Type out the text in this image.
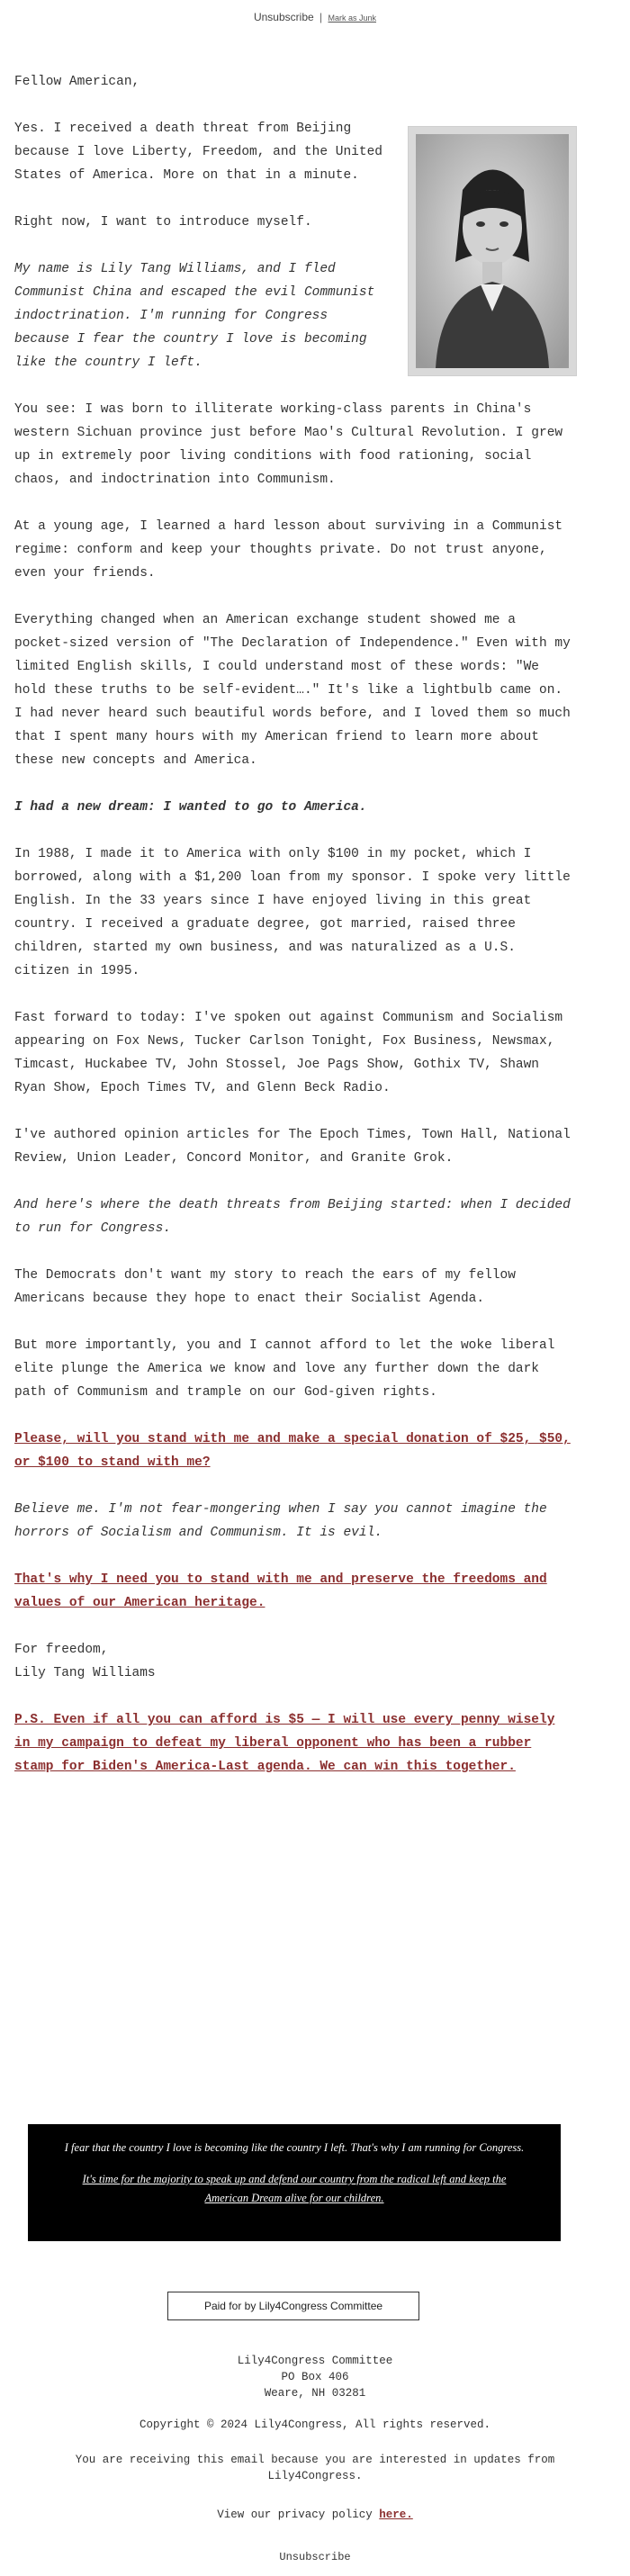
Unsubscribe | Mark as Junk

Fellow American,

Yes. I received a death threat from Beijing because I love Liberty, Freedom, and the United States of America. More on that in a minute.

Right now, I want to introduce myself.

My name is Lily Tang Williams, and I fled Communist China and escaped the evil Communist indoctrination. I'm running for Congress because I fear the country I love is becoming like the country I left.

You see: I was born to illiterate working-class parents in China's western Sichuan province just before Mao's Cultural Revolution. I grew up in extremely poor living conditions with food rationing, social chaos, and indoctrination into Communism.

At a young age, I learned a hard lesson about surviving in a Communist regime: conform and keep your thoughts private. Do not trust anyone, even your friends.

Everything changed when an American exchange student showed me a pocket-sized version of "The Declaration of Independence." Even with my limited English skills, I could understand most of these words: "We hold these truths to be self-evident…." It's like a lightbulb came on. I had never heard such beautiful words before, and I loved them so much that I spent many hours with my American friend to learn more about these new concepts and America.

I had a new dream: I wanted to go to America.

In 1988, I made it to America with only $100 in my pocket, which I borrowed, along with a $1,200 loan from my sponsor. I spoke very little English. In the 33 years since I have enjoyed living in this great country. I received a graduate degree, got married, raised three children, started my own business, and was naturalized as a U.S. citizen in 1995.

Fast forward to today: I've spoken out against Communism and Socialism appearing on Fox News, Tucker Carlson Tonight, Fox Business, Newsmax, Timcast, Huckabee TV, John Stossel, Joe Pags Show, Gothix TV, Shawn Ryan Show, Epoch Times TV, and Glenn Beck Radio.

I've authored opinion articles for The Epoch Times, Town Hall, National Review, Union Leader, Concord Monitor, and Granite Grok.

And here's where the death threats from Beijing started: when I decided to run for Congress.

The Democrats don't want my story to reach the ears of my fellow Americans because they hope to enact their Socialist Agenda.

But more importantly, you and I cannot afford to let the woke liberal elite plunge the America we know and love any further down the dark path of Communism and trample on our God-given rights.

Please, will you stand with me and make a special donation of $25, $50, or $100 to stand with me?

Believe me. I'm not fear-mongering when I say you cannot imagine the horrors of Socialism and Communism. It is evil.

That's why I need you to stand with me and preserve the freedoms and values of our American heritage.

For freedom,

Lily Tang Williams

P.S. Even if all you can afford is $5 — I will use every penny wisely in my campaign to defeat my liberal opponent who has been a rubber stamp for Biden's America-Last agenda. We can win this together.

I fear that the country I love is becoming like the country I left. That's why I am running for Congress.

It's time for the majority to speak up and defend our country from the radical left and keep the American Dream alive for our children.

Paid for by Lily4Congress Committee
Lily4Congress Committee
PO Box 406
Weare, NH 03281
Copyright © 2024 Lily4Congress, All rights reserved.
You are receiving this email because you are interested in updates from Lily4Congress.
View our privacy policy here.
Unsubscribe
